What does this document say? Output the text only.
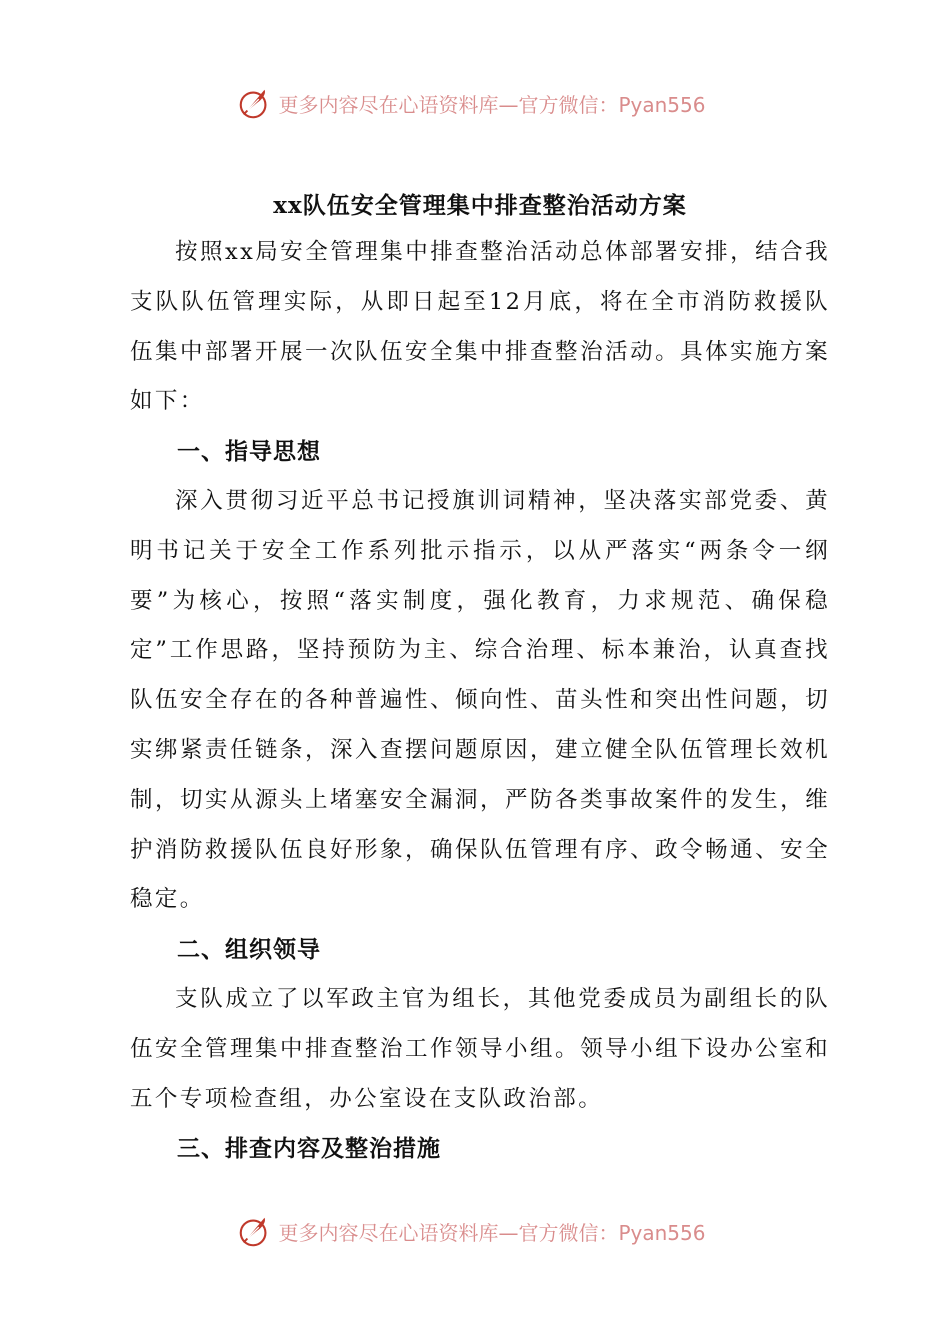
更多内容尽在心语资料库 —官方微信：Pyan556
xx队伍安全管理集中排查整治活动方案

按照xx局安全管理集中排查整治活动总体部署安排，结合我支队队伍管理实际，从即日起至12月底，将在全市消防救援队伍集中部署开展一次队伍安全集中排查整治活动。具体实施方案如下：

一、指导思想

深入贯彻习近平总书记授旗训词精神，坚决落实部党委、黄明书记关于安全工作系列批示指示，以从严落实“两条令一纲要”为核心，按照“落实制度，强化教育，力求规范、确保稳定”工作思路，坚持预防为主、综合治理、标本兼治，认真查找队伍安全存在的各种普遍性、倾向性、苗头性和突出性问题，切实绑紧责任链条，深入查摆问题原因，建立健全队伍管理长效机制，切实从源头上堵塞安全漏洞，严防各类事故案件的发生，维护消防救援队伍良好形象，确保队伍管理有序、政令畅通、安全稳定。

二、组织领导

支队成立了以军政主官为组长，其他党委成员为副组长的队伍安全管理集中排查整治工作领导小组。领导小组下设办公室和五个专项检查组，办公室设在支队政治部。

三、排查内容及整治措施
更多内容尽在心语资料库 —官方微信：Pyan556
